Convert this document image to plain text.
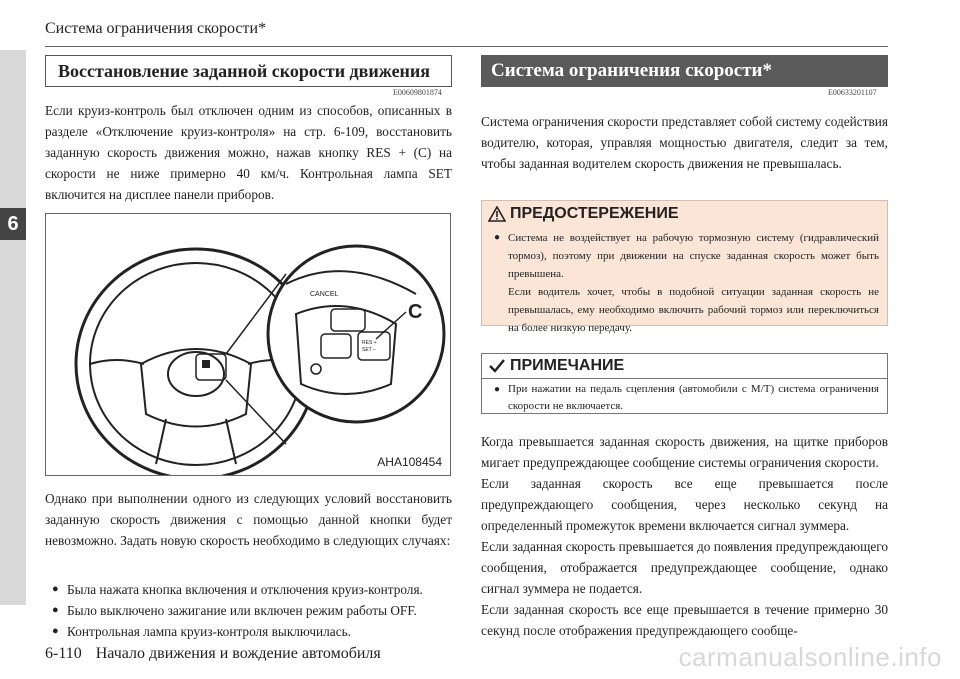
6
Система ограничения скорости*
Восстановление заданной скорости движения
E00609801874

Если круиз-контроль был отключен одним из способов, описанных в разделе «Отключение круиз-контроля» на стр. 6-109, восстановить заданную скорость движения можно, нажав кнопку RES + (C) на скорости не ниже примерно 40 км/ч. Контрольная лампа SET включится на дисплее панели приборов.

CANCEL
RES +
SET –
C
AHA108454

Однако при выполнении одного из следующих условий восстановить заданную скорость движения с помощью данной кнопки будет невозможно. Задать новую скорость необходимо в следующих случаях:

● Была нажата кнопка включения и отключения круиз-контроля.
● Было выключено зажигание или включен режим работы OFF.
● Контрольная лампа круиз-контроля выключилась.
Система ограничения скорости*
E00633201107

Система ограничения скорости представляет собой систему содействия водителю, которая, управляя мощностью двигателя, следит за тем, чтобы заданная водителем скорость движения не превышалась.

ПРЕДОСТЕРЕЖЕНИЕ
● Система не воздействует на рабочую тормозную систему (гидравлический тормоз), поэтому при движении на спуске заданная скорость может быть превышена.
Если водитель хочет, чтобы в подобной ситуации заданная скорость не превышалась, ему необходимо включить рабочий тормоз или переключиться на более низкую передачу.
ПРИМЕЧАНИЕ
● При нажатии на педаль сцепления (автомобили с M/T) система ограничения скорости не включается.

Когда превышается заданная скорость движения, на щитке приборов мигает предупреждающее сообщение системы ограничения скорости.
Если заданная скорость все еще превышается после предупреждающего сообщения, через несколько секунд на определенный промежуток времени включается сигнал зуммера.
Если заданная скорость превышается до появления предупреждающего сообщения, отображается предупреждающее сообщение, однако сигнал зуммера не подается.
Если заданная скорость все еще превышается в течение примерно 30 секунд после отображения предупреждающего сообще-

6-110 Начало движения и вождение автомобиля	carmanualsonline.info
